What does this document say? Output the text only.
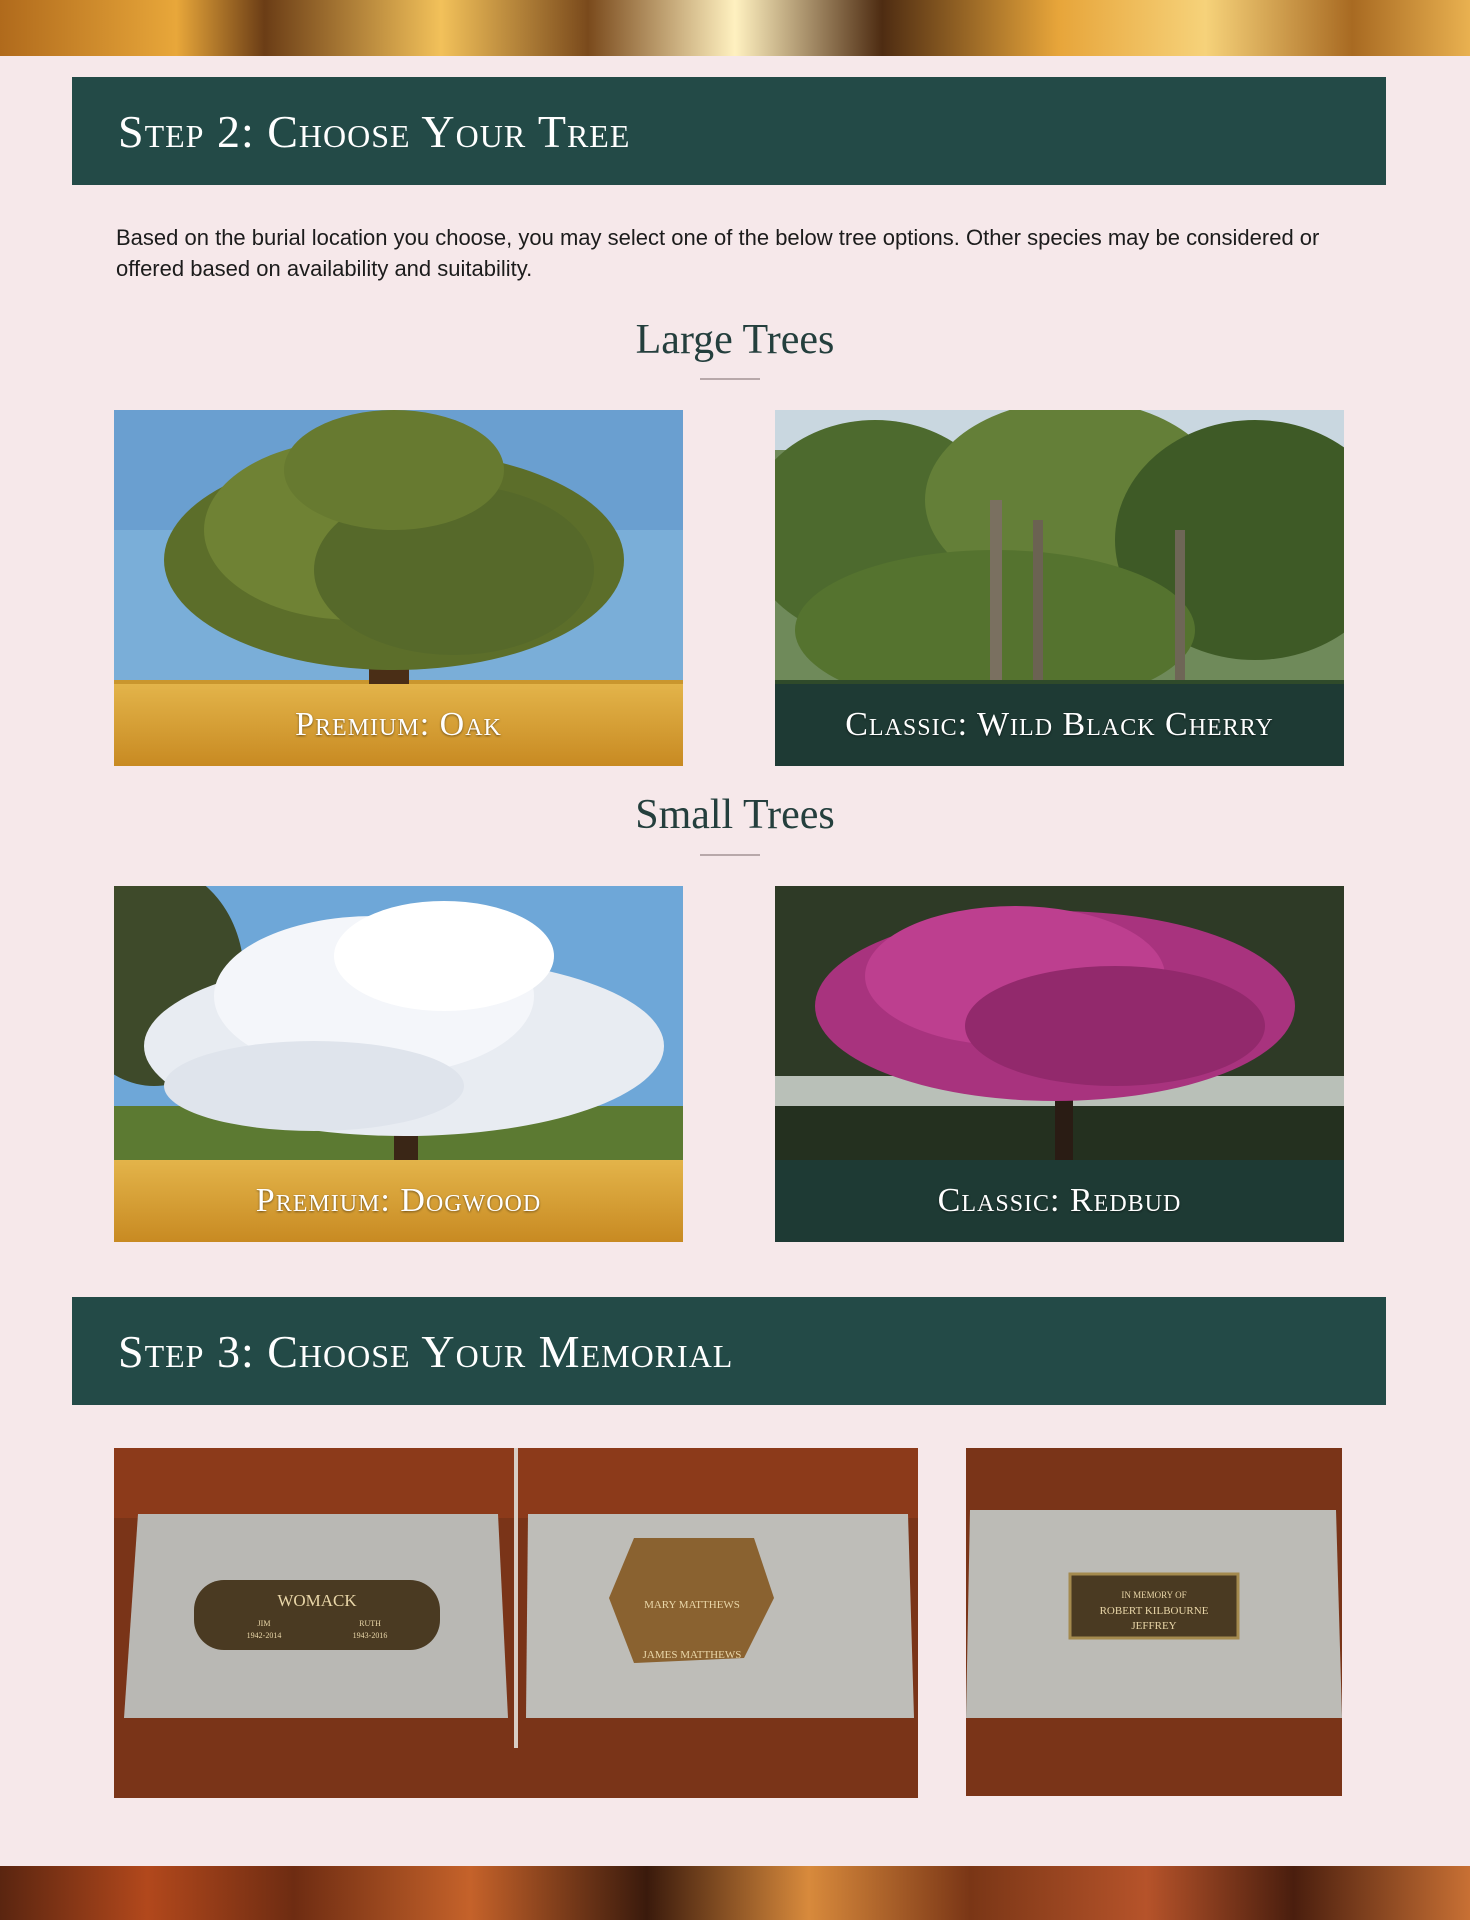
Step 2: Choose Your Tree
Based on the burial location you choose, you may select one of the below tree options. Other species may be considered or offered based on availability and suitability.
Large Trees
Premium: Oak	Classic: Wild Black Cherry
Small Trees
Premium: Dogwood	Classic: Redbud
Step 3: Choose Your Memorial
WOMACK
JIM
1942-2014
RUTH
1943-2016
MARY MATTHEWS
JAMES MATTHEWS
IN MEMORY OF
ROBERT KILBOURNE
JEFFREY
